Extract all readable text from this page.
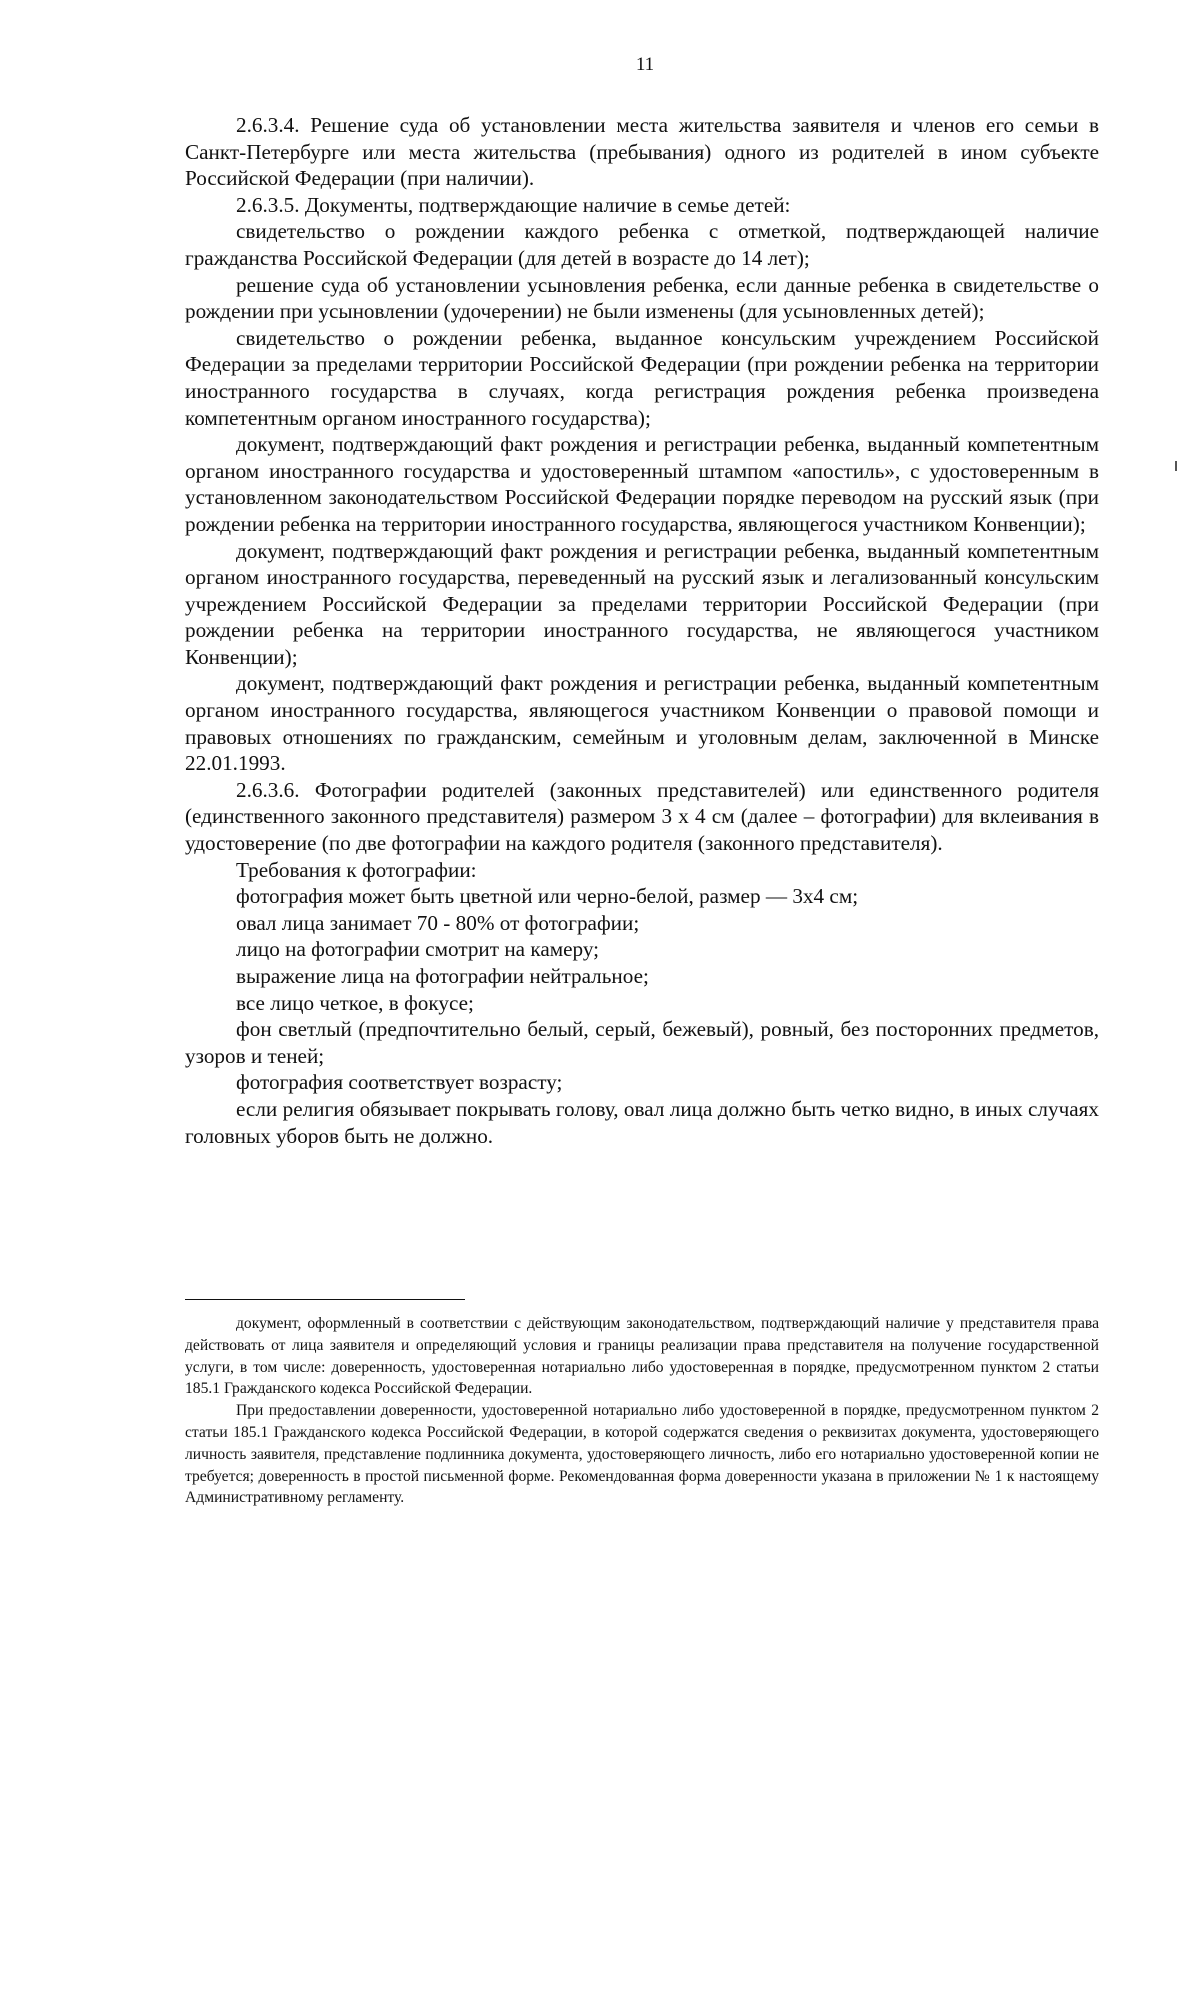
11

2.6.3.4. Решение суда об установлении места жительства заявителя и членов его семьи в Санкт-Петербурге или места жительства (пребывания) одного из родителей в ином субъекте Российской Федерации (при наличии).

2.6.3.5. Документы, подтверждающие наличие в семье детей:

свидетельство о рождении каждого ребенка с отметкой, подтверждающей наличие гражданства Российской Федерации (для детей в возрасте до 14 лет);

решение суда об установлении усыновления ребенка, если данные ребенка в свидетельстве о рождении при усыновлении (удочерении) не были изменены (для усыновленных детей);

свидетельство о рождении ребенка, выданное консульским учреждением Российской Федерации за пределами территории Российской Федерации (при рождении ребенка на территории иностранного государства в случаях, когда регистрация рождения ребенка произведена компетентным органом иностранного государства);

документ, подтверждающий факт рождения и регистрации ребенка, выданный компетентным органом иностранного государства и удостоверенный штампом «апостиль», с удостоверенным в установленном законодательством Российской Федерации порядке переводом на русский язык (при рождении ребенка на территории иностранного государства, являющегося участником Конвенции);

документ, подтверждающий факт рождения и регистрации ребенка, выданный компетентным органом иностранного государства, переведенный на русский язык и легализованный консульским учреждением Российской Федерации за пределами территории Российской Федерации (при рождении ребенка на территории иностранного государства, не являющегося участником Конвенции);

документ, подтверждающий факт рождения и регистрации ребенка, выданный компетентным органом иностранного государства, являющегося участником Конвенции о правовой помощи и правовых отношениях по гражданским, семейным и уголовным делам, заключенной в Минске 22.01.1993.

2.6.3.6. Фотографии родителей (законных представителей) или единственного родителя (единственного законного представителя) размером 3 х 4 см (далее – фотографии) для вклеивания в удостоверение (по две фотографии на каждого родителя (законного представителя).

Требования к фотографии:

фотография может быть цветной или черно-белой, размер — 3х4 см;

овал лица занимает 70 - 80% от фотографии;

лицо на фотографии смотрит на камеру;

выражение лица на фотографии нейтральное;

все лицо четкое, в фокусе;

фон светлый (предпочтительно белый, серый, бежевый), ровный, без посторонних предметов, узоров и теней;

фотография соответствует возрасту;

если религия обязывает покрывать голову, овал лица должно быть четко видно, в иных случаях головных уборов быть не должно.

документ, оформленный в соответствии с действующим законодательством, подтверждающий наличие у представителя права действовать от лица заявителя и определяющий условия и границы реализации права представителя на получение государственной услуги, в том числе: доверенность, удостоверенная нотариально либо удостоверенная в порядке, предусмотренном пунктом 2 статьи 185.1 Гражданского кодекса Российской Федерации.

При предоставлении доверенности, удостоверенной нотариально либо удостоверенной в порядке, предусмотренном пунктом 2 статьи 185.1 Гражданского кодекса Российской Федерации, в которой содержатся сведения о реквизитах документа, удостоверяющего личность заявителя, представление подлинника документа, удостоверяющего личность, либо его нотариально удостоверенной копии не требуется; доверенность в простой письменной форме. Рекомендованная форма доверенности указана в приложении № 1 к настоящему Административному регламенту.
